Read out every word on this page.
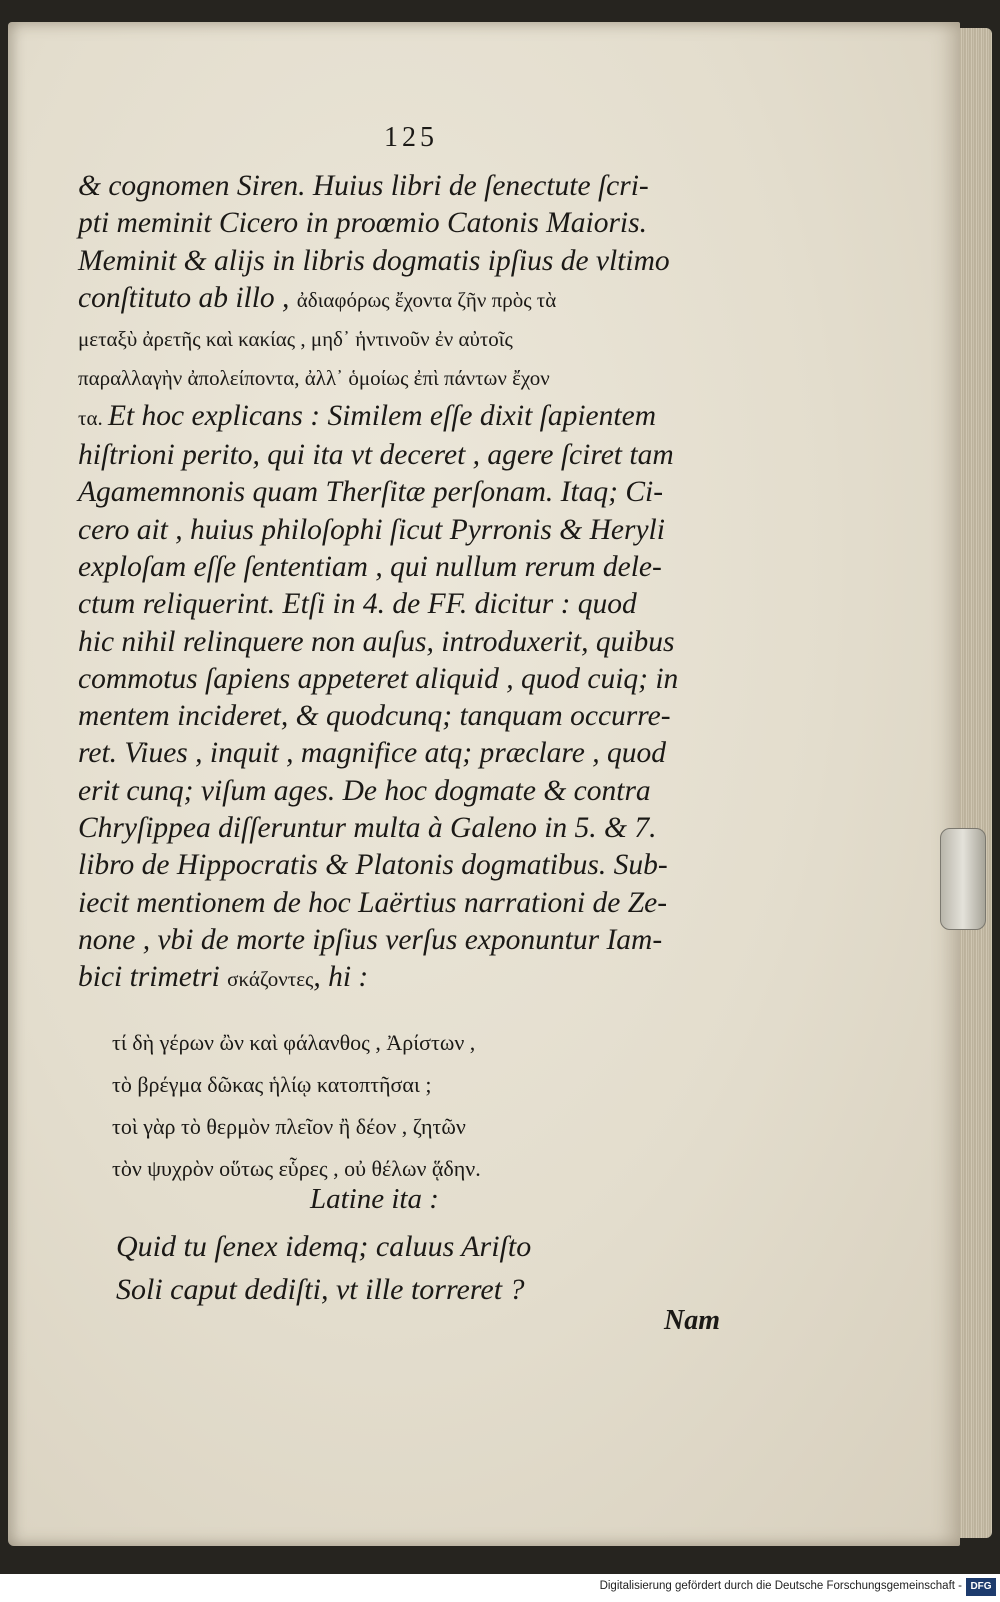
125
& cognomen Siren. Huius libri de ſenectute ſcri-
pti meminit Cicero in proœmio Catonis Maioris.
Meminit & alijs in libris dogmatis ipſius de vltimo
conſtituto ab illo , ἀδιαφόρως ἔχοντα ζῆν πρὸς τὰ
μεταξὺ ἀρετῆς καὶ κακίας , μηδ᾽ ἡντινοῦν ἐν αὐτοῖς
παραλλαγὴν ἀπολείποντα, ἀλλ᾽ ὁμοίως ἐπὶ πάντων ἔχον
τα. Et hoc explicans : Similem eſſe dixit ſapientem
hiſtrioni perito, qui ita vt deceret , agere ſciret tam
Agamemnonis quam Therſitæ perſonam. Itaq; Ci-
cero ait , huius philoſophi ſicut Pyrronis & Heryli
exploſam eſſe ſententiam , qui nullum rerum dele-
ctum reliquerint. Etſi in 4. de FF. dicitur : quod
hic nihil relinquere non auſus, introduxerit, quibus
commotus ſapiens appeteret aliquid , quod cuiq; in
mentem incideret, & quodcunq; tanquam occurre-
ret. Viues , inquit , magnifice atq; præclare , quod
erit cunq; viſum ages. De hoc dogmate & contra
Chryſippea diſſeruntur multa à Galeno in 5. & 7.
libro de Hippocratis & Platonis dogmatibus. Sub-
iecit mentionem de hoc Laërtius narrationi de Ze-
none , vbi de morte ipſius verſus exponuntur Iam-
bici trimetri σκάζοντες, hi :
τί δὴ γέρων ὢν καὶ φάλανθος , Ἀρίστων ,
τὸ βρέγμα δῶκας ἡλίῳ κατοπτῆσαι ;
τοὶ γὰρ τὸ θερμὸν πλεῖον ἢ δέον , ζητῶν
τὸν ψυχρὸν οὕτως εὗρες , οὐ θέλων ᾅδην.
Latine ita :
Quid tu ſenex idemq; caluus Ariſto
Soli caput dediſti, vt ille torreret ?
Nam
Digitalisierung gefördert durch die Deutsche Forschungsgemeinschaft - DFG
